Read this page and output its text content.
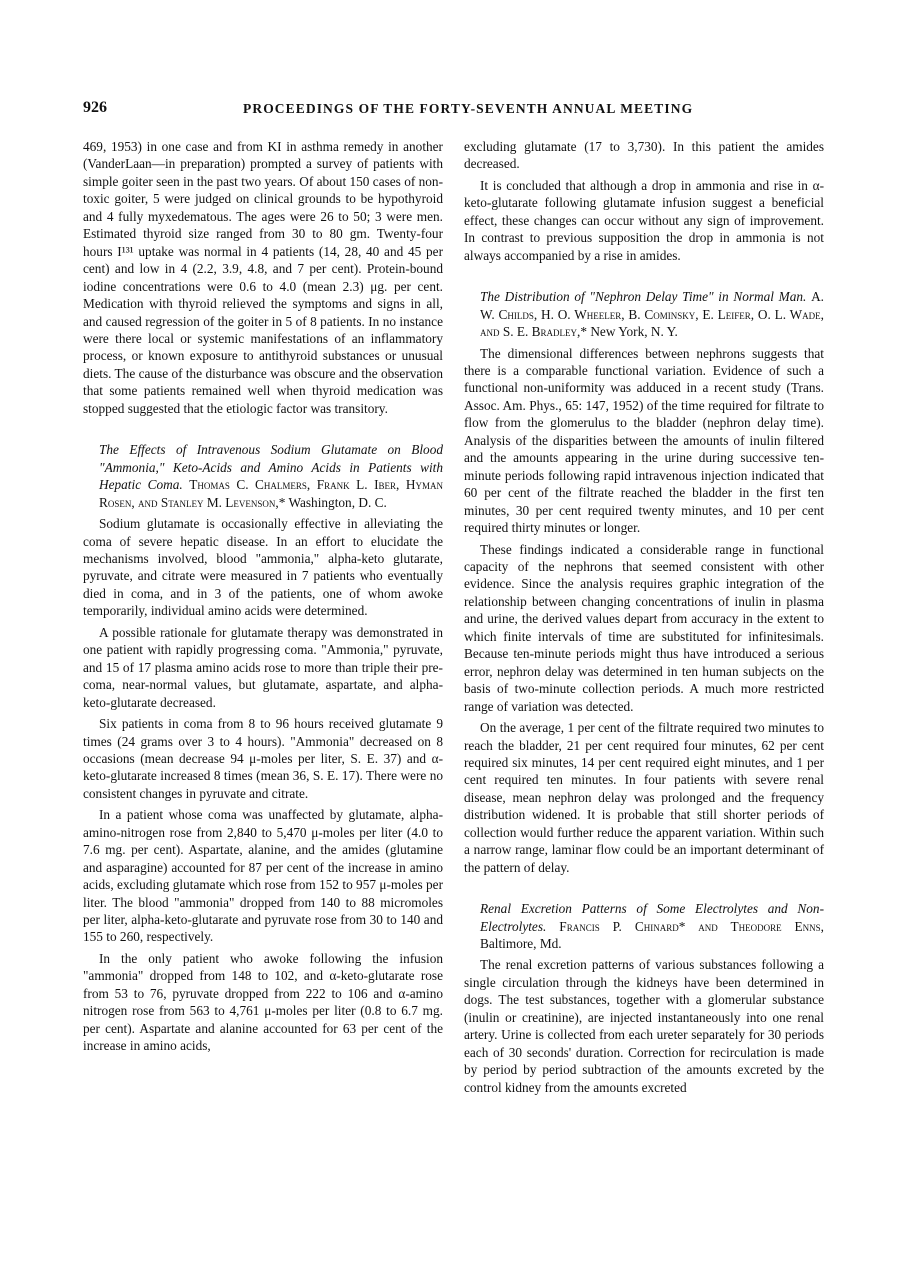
926	PROCEEDINGS OF THE FORTY-SEVENTH ANNUAL MEETING

469, 1953) in one case and from KI in asthma remedy in another (VanderLaan—in preparation) prompted a survey of patients with simple goiter seen in the past two years. Of about 150 cases of non-toxic goiter, 5 were judged on clinical grounds to be hypothyroid and 4 fully myxedematous. The ages were 26 to 50; 3 were men. Estimated thyroid size ranged from 30 to 80 gm. Twenty-four hours I¹³¹ uptake was normal in 4 patients (14, 28, 40 and 45 per cent) and low in 4 (2.2, 3.9, 4.8, and 7 per cent). Protein-bound iodine concentrations were 0.6 to 4.0 (mean 2.3) μg. per cent. Medication with thyroid relieved the symptoms and signs in all, and caused regression of the goiter in 5 of 8 patients. In no instance were there local or systemic manifestations of an inflammatory process, or known exposure to antithyroid substances or unusual diets. The cause of the disturbance was obscure and the observation that some patients remained well when thyroid medication was stopped suggested that the etiologic factor was transitory.

The Effects of Intravenous Sodium Glutamate on Blood "Ammonia," Keto-Acids and Amino Acids in Patients with Hepatic Coma. Thomas C. Chalmers, Frank L. Iber, Hyman Rosen, and Stanley M. Levenson,* Washington, D. C.

Sodium glutamate is occasionally effective in alleviating the coma of severe hepatic disease. In an effort to elucidate the mechanisms involved, blood "ammonia," alpha-keto glutarate, pyruvate, and citrate were measured in 7 patients who eventually died in coma, and in 3 of the patients, one of whom awoke temporarily, individual amino acids were determined.

A possible rationale for glutamate therapy was demonstrated in one patient with rapidly progressing coma. "Ammonia," pyruvate, and 15 of 17 plasma amino acids rose to more than triple their pre-coma, near-normal values, but glutamate, aspartate, and alpha-keto-glutarate decreased.

Six patients in coma from 8 to 96 hours received glutamate 9 times (24 grams over 3 to 4 hours). "Ammonia" decreased on 8 occasions (mean decrease 94 μ-moles per liter, S. E. 37) and α-keto-glutarate increased 8 times (mean 36, S. E. 17). There were no consistent changes in pyruvate and citrate.

In a patient whose coma was unaffected by glutamate, alpha-amino-nitrogen rose from 2,840 to 5,470 μ-moles per liter (4.0 to 7.6 mg. per cent). Aspartate, alanine, and the amides (glutamine and asparagine) accounted for 87 per cent of the increase in amino acids, excluding glutamate which rose from 152 to 957 μ-moles per liter. The blood "ammonia" dropped from 140 to 88 micromoles per liter, alpha-keto-glutarate and pyruvate rose from 30 to 140 and 155 to 260, respectively.

In the only patient who awoke following the infusion "ammonia" dropped from 148 to 102, and α-keto-glutarate rose from 53 to 76, pyruvate dropped from 222 to 106 and α-amino nitrogen rose from 563 to 4,761 μ-moles per liter (0.8 to 6.7 mg. per cent). Aspartate and alanine accounted for 63 per cent of the increase in amino acids,

excluding glutamate (17 to 3,730). In this patient the amides decreased.

It is concluded that although a drop in ammonia and rise in α-keto-glutarate following glutamate infusion suggest a beneficial effect, these changes can occur without any sign of improvement. In contrast to previous supposition the drop in ammonia is not always accompanied by a rise in amides.

The Distribution of "Nephron Delay Time" in Normal Man. A. W. Childs, H. O. Wheeler, B. Cominsky, E. Leifer, O. L. Wade, and S. E. Bradley,* New York, N. Y.

The dimensional differences between nephrons suggests that there is a comparable functional variation. Evidence of such a functional non-uniformity was adduced in a recent study (Trans. Assoc. Am. Phys., 65: 147, 1952) of the time required for filtrate to flow from the glomerulus to the bladder (nephron delay time). Analysis of the disparities between the amounts of inulin filtered and the amounts appearing in the urine during successive ten-minute periods following rapid intravenous injection indicated that 60 per cent of the filtrate reached the bladder in the first ten minutes, 30 per cent required twenty minutes, and 10 per cent required thirty minutes or longer.

These findings indicated a considerable range in functional capacity of the nephrons that seemed consistent with other evidence. Since the analysis requires graphic integration of the relationship between changing concentrations of inulin in plasma and urine, the derived values depart from accuracy in the extent to which finite intervals of time are substituted for infinitesimals. Because ten-minute periods might thus have introduced a serious error, nephron delay was determined in ten human subjects on the basis of two-minute collection periods. A much more restricted range of variation was detected.

On the average, 1 per cent of the filtrate required two minutes to reach the bladder, 21 per cent required four minutes, 62 per cent required six minutes, 14 per cent required eight minutes, and 1 per cent required ten minutes. In four patients with severe renal disease, mean nephron delay was prolonged and the frequency distribution widened. It is probable that still shorter periods of collection would further reduce the apparent variation. Within such a narrow range, laminar flow could be an important determinant of the pattern of delay.

Renal Excretion Patterns of Some Electrolytes and Non-Electrolytes. Francis P. Chinard* and Theodore Enns, Baltimore, Md.

The renal excretion patterns of various substances following a single circulation through the kidneys have been determined in dogs. The test substances, together with a glomerular substance (inulin or creatinine), are injected instantaneously into one renal artery. Urine is collected from each ureter separately for 30 periods each of 30 seconds' duration. Correction for recirculation is made by period by period subtraction of the amounts excreted by the control kidney from the amounts excreted
